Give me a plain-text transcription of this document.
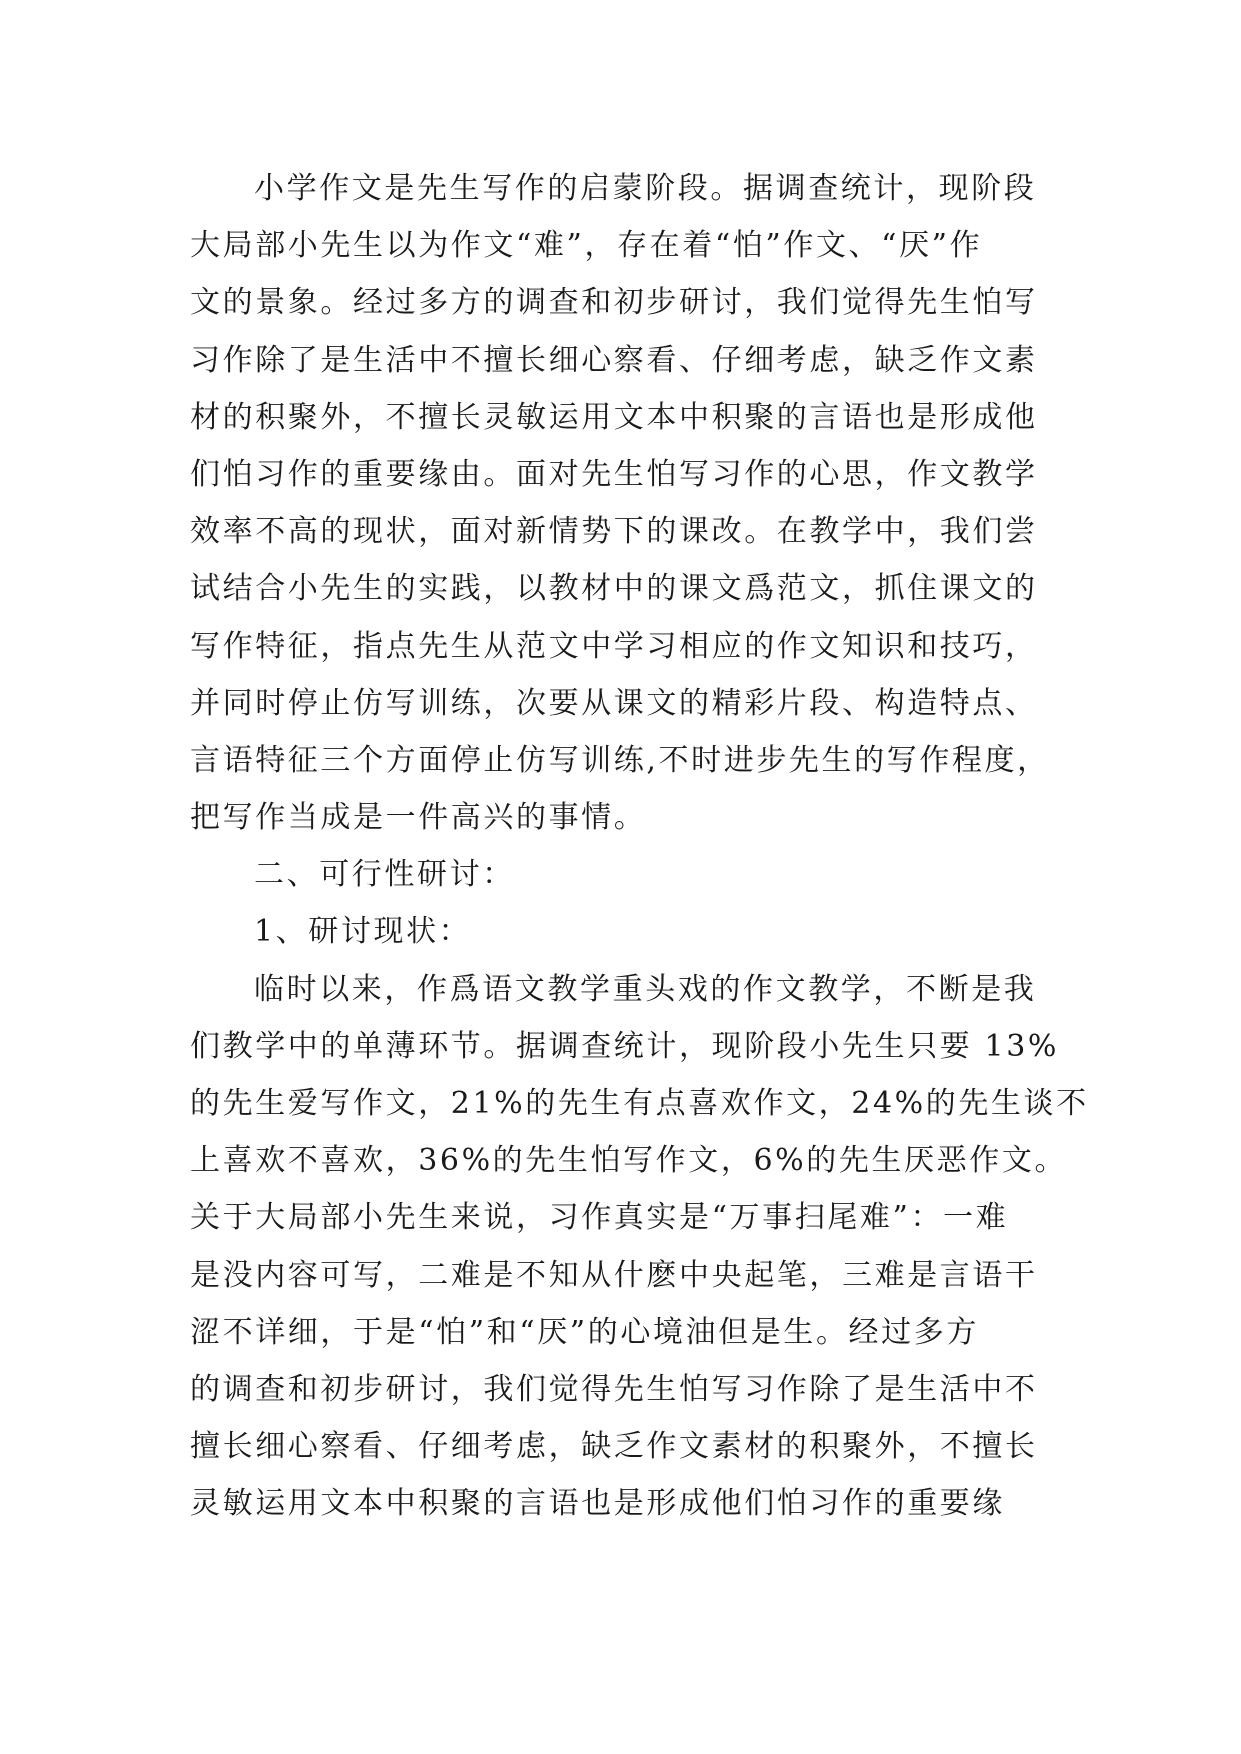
小学作文是先生写作的启蒙阶段。据调查统计，现阶段
大局部小先生以为作文“难”，存在着“怕”作文、“厌”作
文的景象。经过多方的调查和初步研讨，我们觉得先生怕写
习作除了是生活中不擅长细心察看、仔细考虑，缺乏作文素
材的积聚外，不擅长灵敏运用文本中积聚的言语也是形成他
们怕习作的重要缘由。面对先生怕写习作的心思，作文教学
效率不高的现状，面对新情势下的课改。在教学中，我们尝
试结合小先生的实践，以教材中的课文爲范文，抓住课文的
写作特征，指点先生从范文中学习相应的作文知识和技巧，
并同时停止仿写训练，次要从课文的精彩片段、构造特点、
言语特征三个方面停止仿写训练,不时进步先生的写作程度，
把写作当成是一件高兴的事情。
二、可行性研讨：
1、研讨现状：
临时以来，作爲语文教学重头戏的作文教学，不断是我
们教学中的单薄环节。据调查统计，现阶段小先生只要 13%
的先生爱写作文，21%的先生有点喜欢作文，24%的先生谈不
上喜欢不喜欢，36%的先生怕写作文，6%的先生厌恶作文。
关于大局部小先生来说，习作真实是“万事扫尾难”：一难
是没内容可写，二难是不知从什麽中央起笔，三难是言语干
涩不详细，于是“怕”和“厌”的心境油但是生。经过多方
的调查和初步研讨，我们觉得先生怕写习作除了是生活中不
擅长细心察看、仔细考虑，缺乏作文素材的积聚外，不擅长
灵敏运用文本中积聚的言语也是形成他们怕习作的重要缘
